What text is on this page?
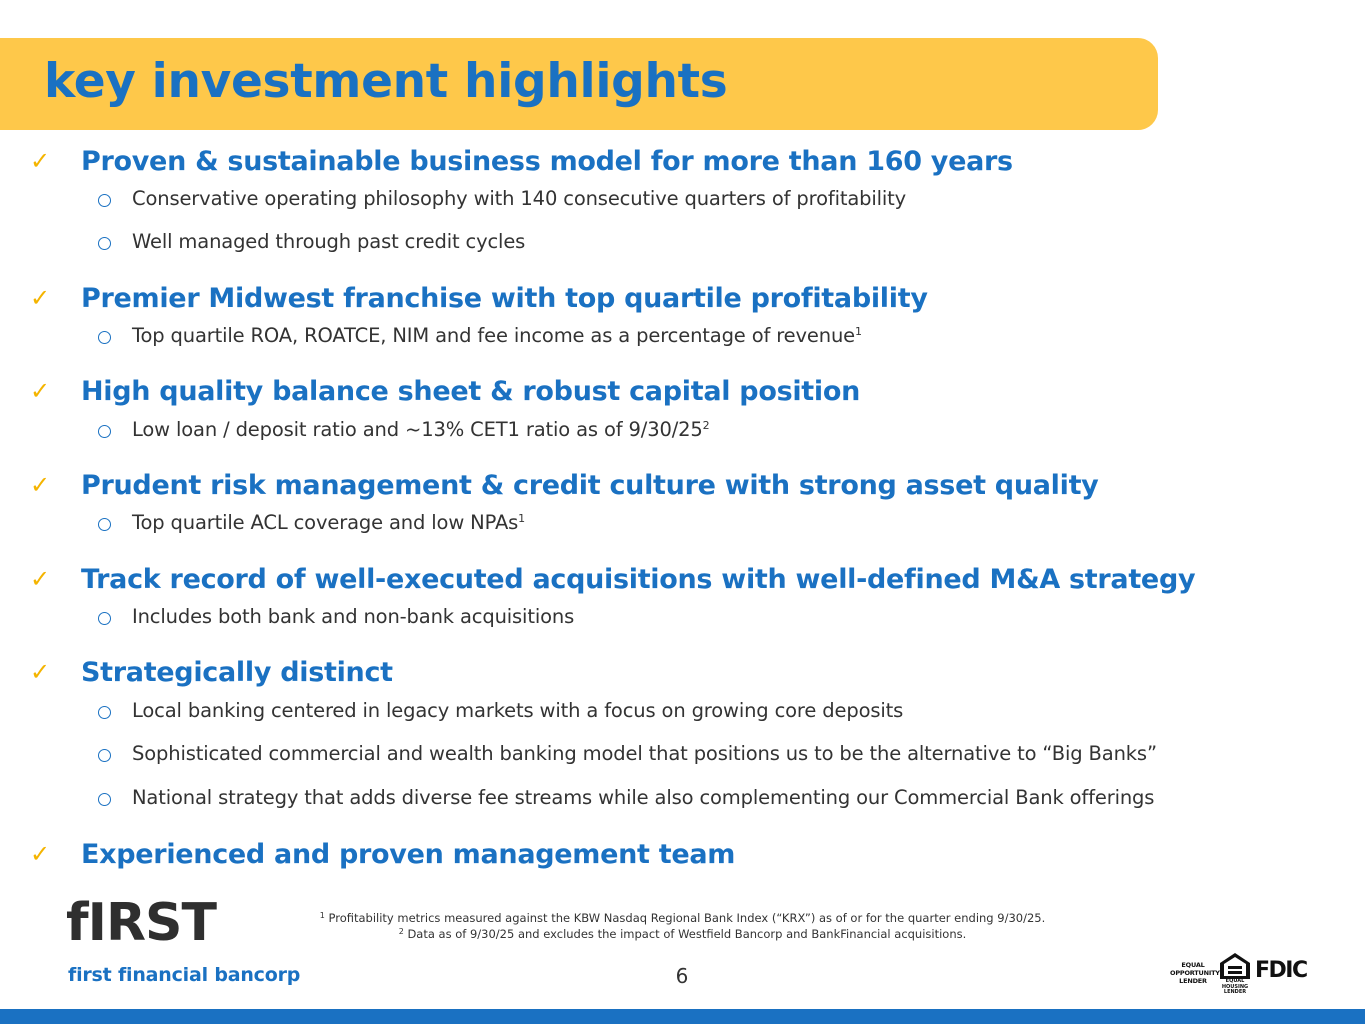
key investment highlights
✓ Proven & sustainable business model for more than 160 years
Conservative operating philosophy with 140 consecutive quarters of profitability
Well managed through past credit cycles
✓ Premier Midwest franchise with top quartile profitability
Top quartile ROA, ROATCE, NIM and fee income as a percentage of revenue$^1$
✓ High quality balance sheet & robust capital position
Low loan / deposit ratio and ~13% CET1 ratio as of $9/30/25^2$
✓ Prudent risk management & credit culture with strong asset quality
Top quartile ACL coverage and low NPAs$^1$
✓ Track record of well-executed acquisitions with well-defined M&A strategy
Includes both bank and non-bank acquisitions
✓ Strategically distinct
Local banking centered in legacy markets with a focus on growing core deposits
Sophisticated commercial and wealth banking model that positions us to be the alternative to “Big Banks”
National strategy that adds diverse fee streams while also complementing our Commercial Bank offerings
✓ Experienced and proven management team
fIRST
first financial bancorp
$^1$ Profitability metrics measured against the KBW Nasdaq Regional Bank Index (“KRX”) as of or for the quarter ending 9/30/25.
$^2$ Data as of 9/30/25 and excludes the impact of Westfield Bancorp and BankFinancial acquisitions.
6	EQUAL OPPORTUNITY LENDER	EQUAL HOUSING LENDER
FDIC
